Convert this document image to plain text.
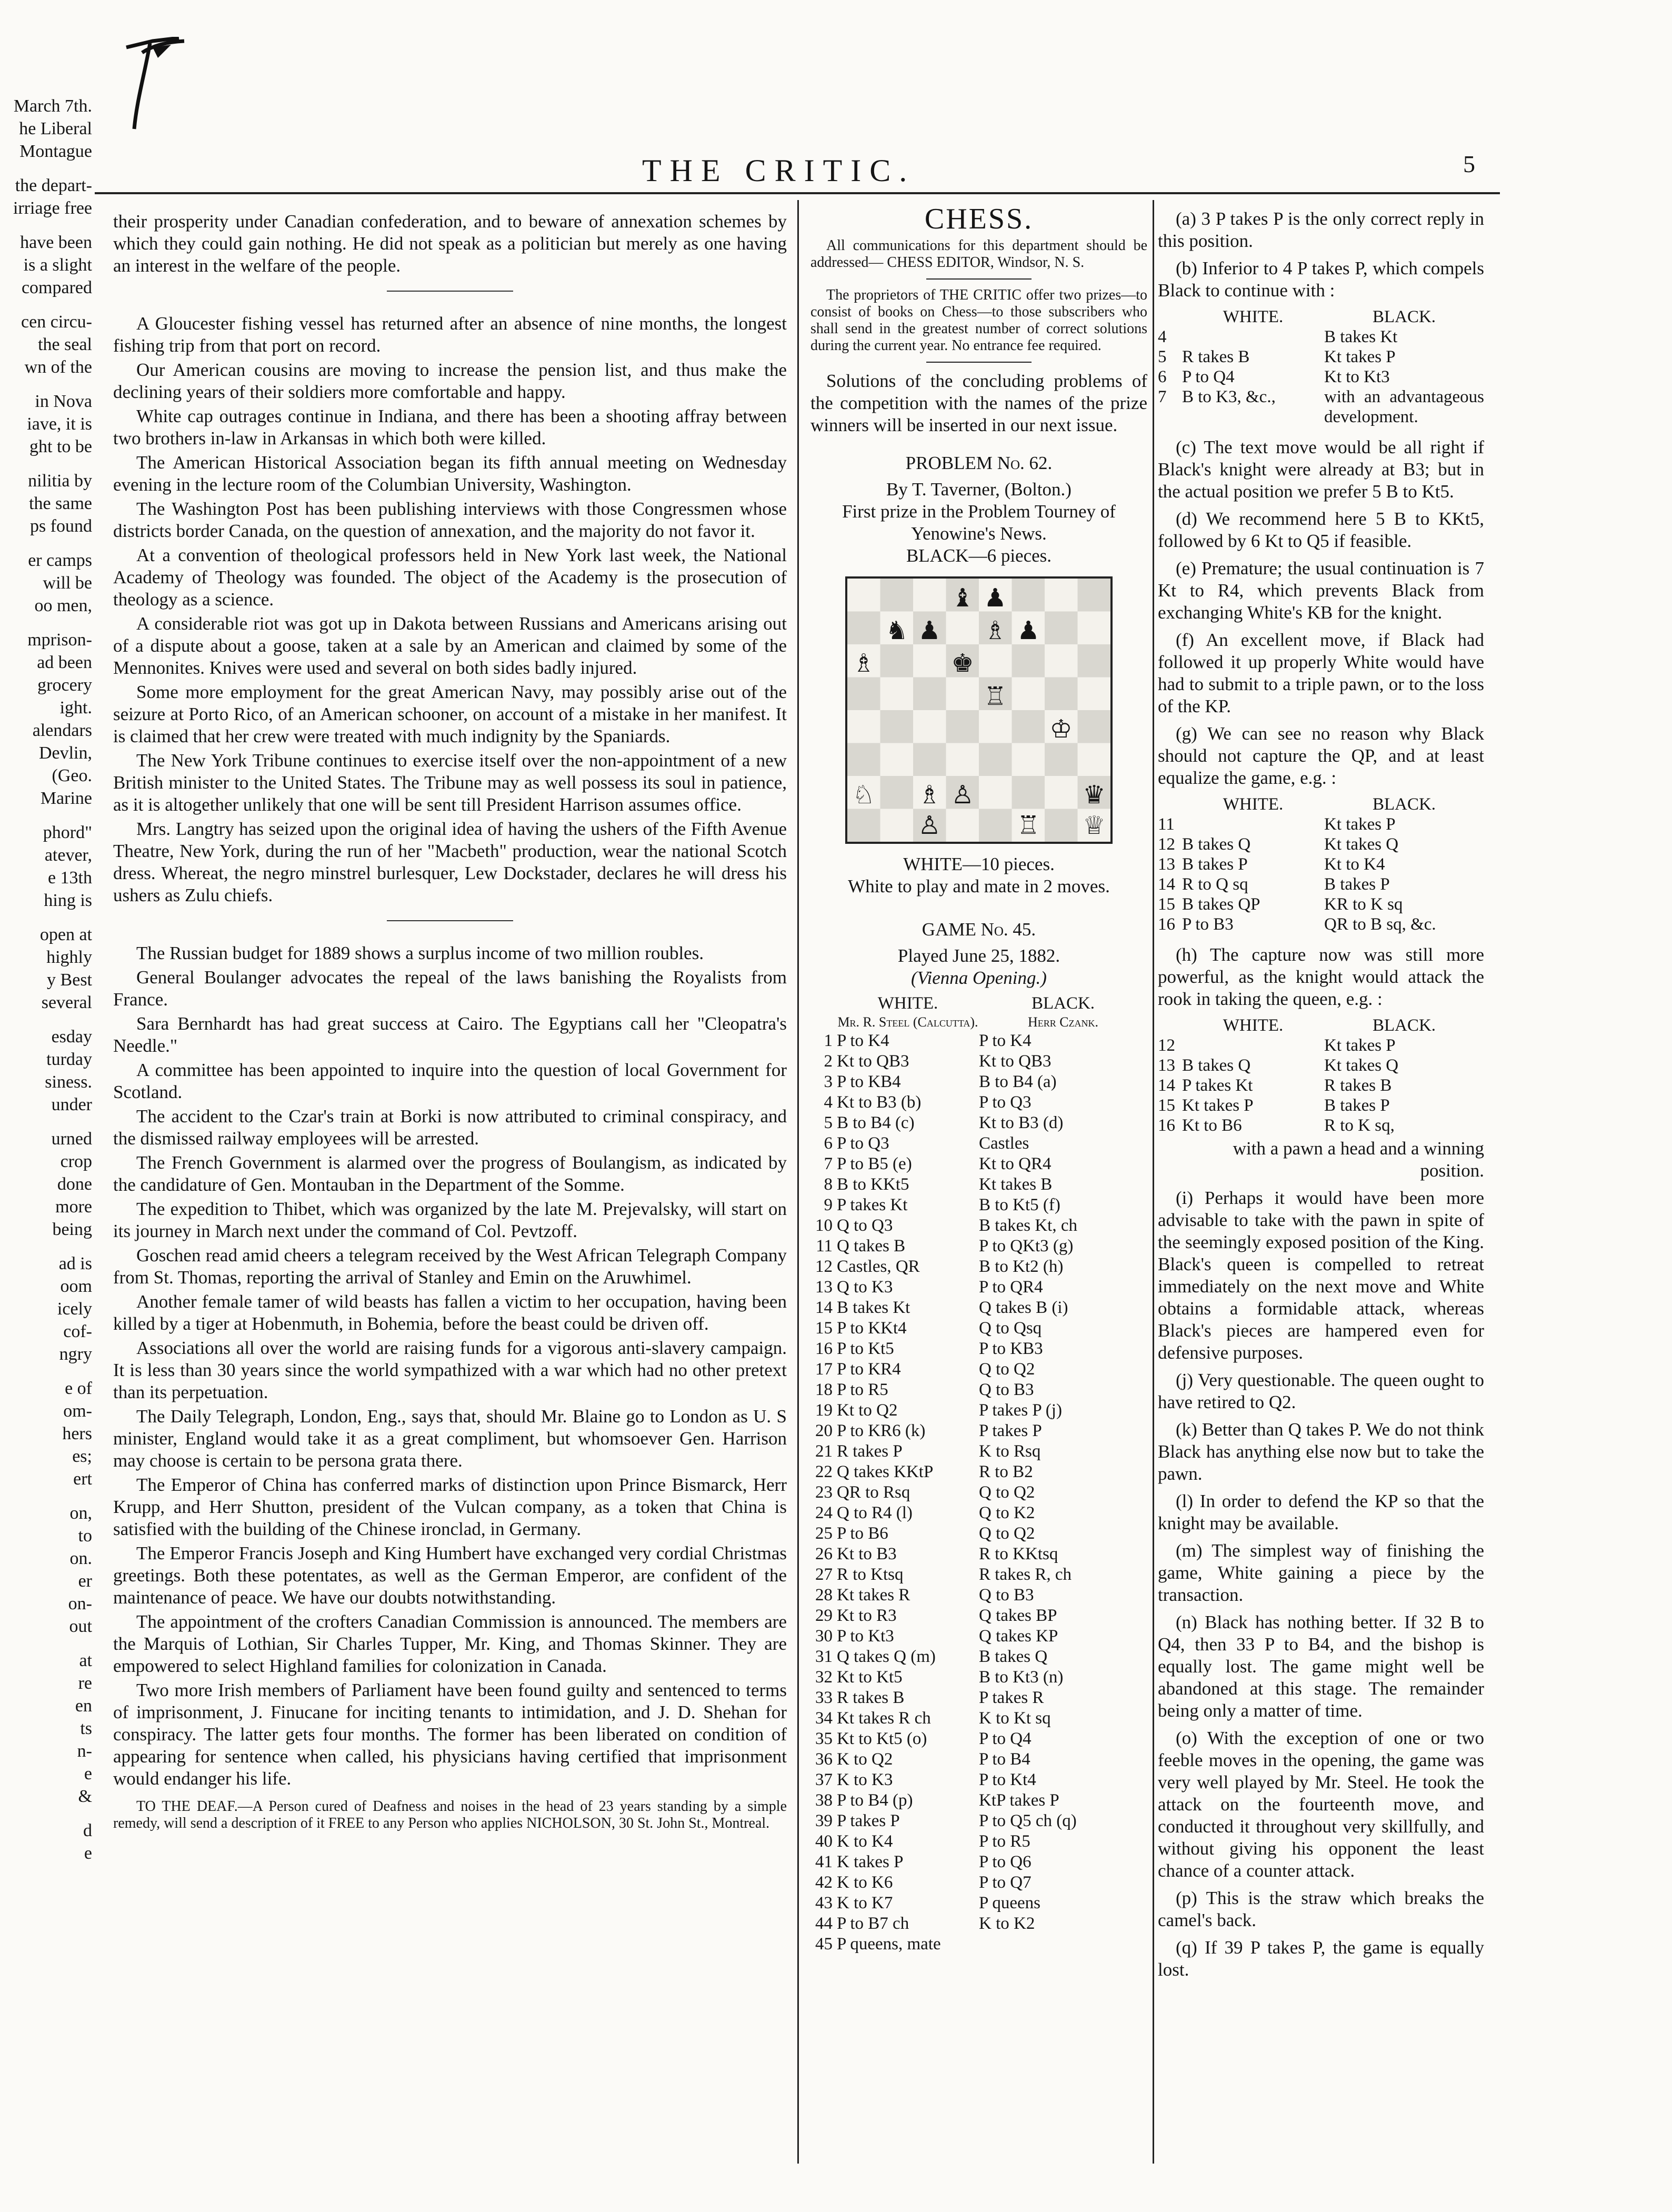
March 7th.
he Liberal
Montague
the depart-
irriage free
have been
is a slight
compared
cen circu-
the seal
wn of the
in Nova
iave, it is
ght to be
nilitia by
the same
ps found
er camps
will be
oo men,
mprison-
ad been
grocery
ight.
alendars
Devlin,
(Geo.
Marine
phord"
atever,
e 13th
hing is
open at
highly
y Best
several
esday
turday
siness.
under
urned
crop
done
more
being
ad is
oom
icely
cof-
ngry
e of
om-
hers
es;
ert
on,
to
on.
er
on-
out
at
re
en
ts
n-
e
&
d
e
THE CRITIC.	5

their prosperity under Canadian confederation, and to beware of annexation schemes by which they could gain nothing. He did not speak as a politician but merely as one having an interest in the welfare of the people.

A Gloucester fishing vessel has returned after an absence of nine months, the longest fishing trip from that port on record.

Our American cousins are moving to increase the pension list, and thus make the declining years of their soldiers more comfortable and happy.

White cap outrages continue in Indiana, and there has been a shooting affray between two brothers in-law in Arkansas in which both were killed.

The American Historical Association began its fifth annual meeting on Wednesday evening in the lecture room of the Columbian University, Washington.

The Washington Post has been publishing interviews with those Congressmen whose districts border Canada, on the question of annexation, and the majority do not favor it.

At a convention of theological professors held in New York last week, the National Academy of Theology was founded. The object of the Academy is the prosecution of theology as a science.

A considerable riot was got up in Dakota between Russians and Americans arising out of a dispute about a goose, taken at a sale by an American and claimed by some of the Mennonites. Knives were used and several on both sides badly injured.

Some more employment for the great American Navy, may possibly arise out of the seizure at Porto Rico, of an American schooner, on account of a mistake in her manifest. It is claimed that her crew were treated with much indignity by the Spaniards.

The New York Tribune continues to exercise itself over the non-appointment of a new British minister to the United States. The Tribune may as well possess its soul in patience, as it is altogether unlikely that one will be sent till President Harrison assumes office.

Mrs. Langtry has seized upon the original idea of having the ushers of the Fifth Avenue Theatre, New York, during the run of her "Macbeth" production, wear the national Scotch dress. Whereat, the negro minstrel burlesquer, Lew Dockstader, declares he will dress his ushers as Zulu chiefs.

The Russian budget for 1889 shows a surplus income of two million roubles.

General Boulanger advocates the repeal of the laws banishing the Royalists from France.

Sara Bernhardt has had great success at Cairo. The Egyptians call her "Cleopatra's Needle."

A committee has been appointed to inquire into the question of local Government for Scotland.

The accident to the Czar's train at Borki is now attributed to criminal conspiracy, and the dismissed railway employees will be arrested.

The French Government is alarmed over the progress of Boulangism, as indicated by the candidature of Gen. Montauban in the Department of the Somme.

The expedition to Thibet, which was organized by the late M. Prejevalsky, will start on its journey in March next under the command of Col. Pevtzoff.

Goschen read amid cheers a telegram received by the West African Telegraph Company from St. Thomas, reporting the arrival of Stanley and Emin on the Aruwhimel.

Another female tamer of wild beasts has fallen a victim to her occupation, having been killed by a tiger at Hobenmuth, in Bohemia, before the beast could be driven off.

Associations all over the world are raising funds for a vigorous anti-slavery campaign. It is less than 30 years since the world sympathized with a war which had no other pretext than its perpetuation.

The Daily Telegraph, London, Eng., says that, should Mr. Blaine go to London as U. S minister, England would take it as a great compliment, but whomsoever Gen. Harrison may choose is certain to be persona grata there.

The Emperor of China has conferred marks of distinction upon Prince Bismarck, Herr Krupp, and Herr Shutton, president of the Vulcan company, as a token that China is satisfied with the building of the Chinese ironclad, in Germany.

The Emperor Francis Joseph and King Humbert have exchanged very cordial Christmas greetings. Both these potentates, as well as the German Emperor, are confident of the maintenance of peace. We have our doubts notwithstanding.

The appointment of the crofters Canadian Commission is announced. The members are the Marquis of Lothian, Sir Charles Tupper, Mr. King, and Thomas Skinner. They are empowered to select Highland families for colonization in Canada.

Two more Irish members of Parliament have been found guilty and sentenced to terms of imprisonment, J. Finucane for inciting tenants to intimidation, and J. D. Shehan for conspiracy. The latter gets four months. The former has been liberated on condition of appearing for sentence when called, his physicians having certified that imprisonment would endanger his life.

TO THE DEAF.—A Person cured of Deafness and noises in the head of 23 years standing by a simple remedy, will send a description of it FREE to any Person who applies NICHOLSON, 30 St. John St., Montreal.
CHESS.
All communications for this department should be addressed— CHESS EDITOR, Windsor, N. S.
The proprietors of THE CRITIC offer two prizes—to consist of books on Chess—to those subscribers who shall send in the greatest number of correct solutions during the current year. No entrance fee required.
Solutions of the concluding problems of the competition with the names of the prize winners will be inserted in our next issue.
PROBLEM No. 62.
By T. Taverner, (Bolton.)
First prize in the Problem Tourney of Yenowine's News.
BLACK—6 pieces.
♝ ♟
♞ ♟ ♗ ♟
♗	♚
♖
♔
♘ ♗ ♙	♛
♙	♖ ♕
WHITE—10 pieces.
White to play and mate in 2 moves.
GAME No. 45.
Played June 25, 1882.
(Vienna Opening.)
	WHITE.	BLACK.
	Mr. R. Steel (Calcutta).	Herr Czank.
1	P to K4	P to K4
2	Kt to QB3	Kt to QB3
3	P to KB4	B to B4 (a)
4	Kt to B3 (b)	P to Q3
5	B to B4 (c)	Kt to B3 (d)
6	P to Q3	Castles
7	P to B5 (e)	Kt to QR4
8	B to KKt5	Kt takes B
9	P takes Kt	B to Kt5 (f)
10	Q to Q3	B takes Kt, ch
11	Q takes B	P to QKt3 (g)
12	Castles, QR	B to Kt2 (h)
13	Q to K3	P to QR4
14	B takes Kt	Q takes B (i)
15	P to KKt4	Q to Qsq
16	P to Kt5	P to KB3
17	P to KR4	Q to Q2
18	P to R5	Q to B3
19	Kt to Q2	P takes P (j)
20	P to KR6 (k)	P takes P
21	R takes P	K to Rsq
22	Q takes KKtP	R to B2
23	QR to Rsq	Q to Q2
24	Q to R4 (l)	Q to K2
25	P to B6	Q to Q2
26	Kt to B3	R to KKtsq
27	R to Ktsq	R takes R, ch
28	Kt takes R	Q to B3
29	Kt to R3	Q takes BP
30	P to Kt3	Q takes KP
31	Q takes Q (m)	B takes Q
32	Kt to Kt5	B to Kt3 (n)
33	R takes B	P takes R
34	Kt takes R ch	K to Kt sq
35	Kt to Kt5 (o)	P to Q4
36	K to Q2	P to B4
37	K to K3	P to Kt4
38	P to B4 (p)	KtP takes P
39	P takes P	P to Q5 ch (q)
40	K to K4	P to R5
41	K takes P	P to Q6
42	K to K6	P to Q7
43	K to K7	P queens
44	P to B7 ch	K to K2
45	P queens, mate	

(a) 3 P takes P is the only correct reply in this position.

(b) Inferior to 4 P takes P, which compels Black to continue with :

	WHITE.	BLACK.
4		B takes Kt
5	R takes B	Kt takes P
6	P to Q4	Kt to Kt3
7	B to K3, &c.,	with an advantageous development.

(c) The text move would be all right if Black's knight were already at B3; but in the actual position we prefer 5 B to Kt5.

(d) We recommend here 5 B to KKt5, followed by 6 Kt to Q5 if feasible.

(e) Premature; the usual continuation is 7 Kt to R4, which prevents Black from exchanging White's KB for the knight.

(f) An excellent move, if Black had followed it up properly White would have had to submit to a triple pawn, or to the loss of the KP.

(g) We can see no reason why Black should not capture the QP, and at least equalize the game, e.g. :

	WHITE.	BLACK.
11		Kt takes P
12	B takes Q	Kt takes Q
13	B takes P	Kt to K4
14	R to Q sq	B takes P
15	B takes QP	KR to K sq
16	P to B3	QR to B sq, &c.

(h) The capture now was still more powerful, as the knight would attack the rook in taking the queen, e.g. :

	WHITE.	BLACK.
12		Kt takes P
13	B takes Q	Kt takes Q
14	P takes Kt	R takes B
15	Kt takes P	B takes P
16	Kt to B6	R to K sq,

with a pawn a head and a winning position.

(i) Perhaps it would have been more advisable to take with the pawn in spite of the seemingly exposed position of the King. Black's queen is compelled to retreat immediately on the next move and White obtains a formidable attack, whereas Black's pieces are hampered even for defensive purposes.

(j) Very questionable. The queen ought to have retired to Q2.

(k) Better than Q takes P. We do not think Black has anything else now but to take the pawn.

(l) In order to defend the KP so that the knight may be available.

(m) The simplest way of finishing the game, White gaining a piece by the transaction.

(n) Black has nothing better. If 32 B to Q4, then 33 P to B4, and the bishop is equally lost. The game might well be abandoned at this stage. The remainder being only a matter of time.

(o) With the exception of one or two feeble moves in the opening, the game was very well played by Mr. Steel. He took the attack on the fourteenth move, and conducted it throughout very skillfully, and without giving his opponent the least chance of a counter attack.

(p) This is the straw which breaks the camel's back.

(q) If 39 P takes P, the game is equally lost.
